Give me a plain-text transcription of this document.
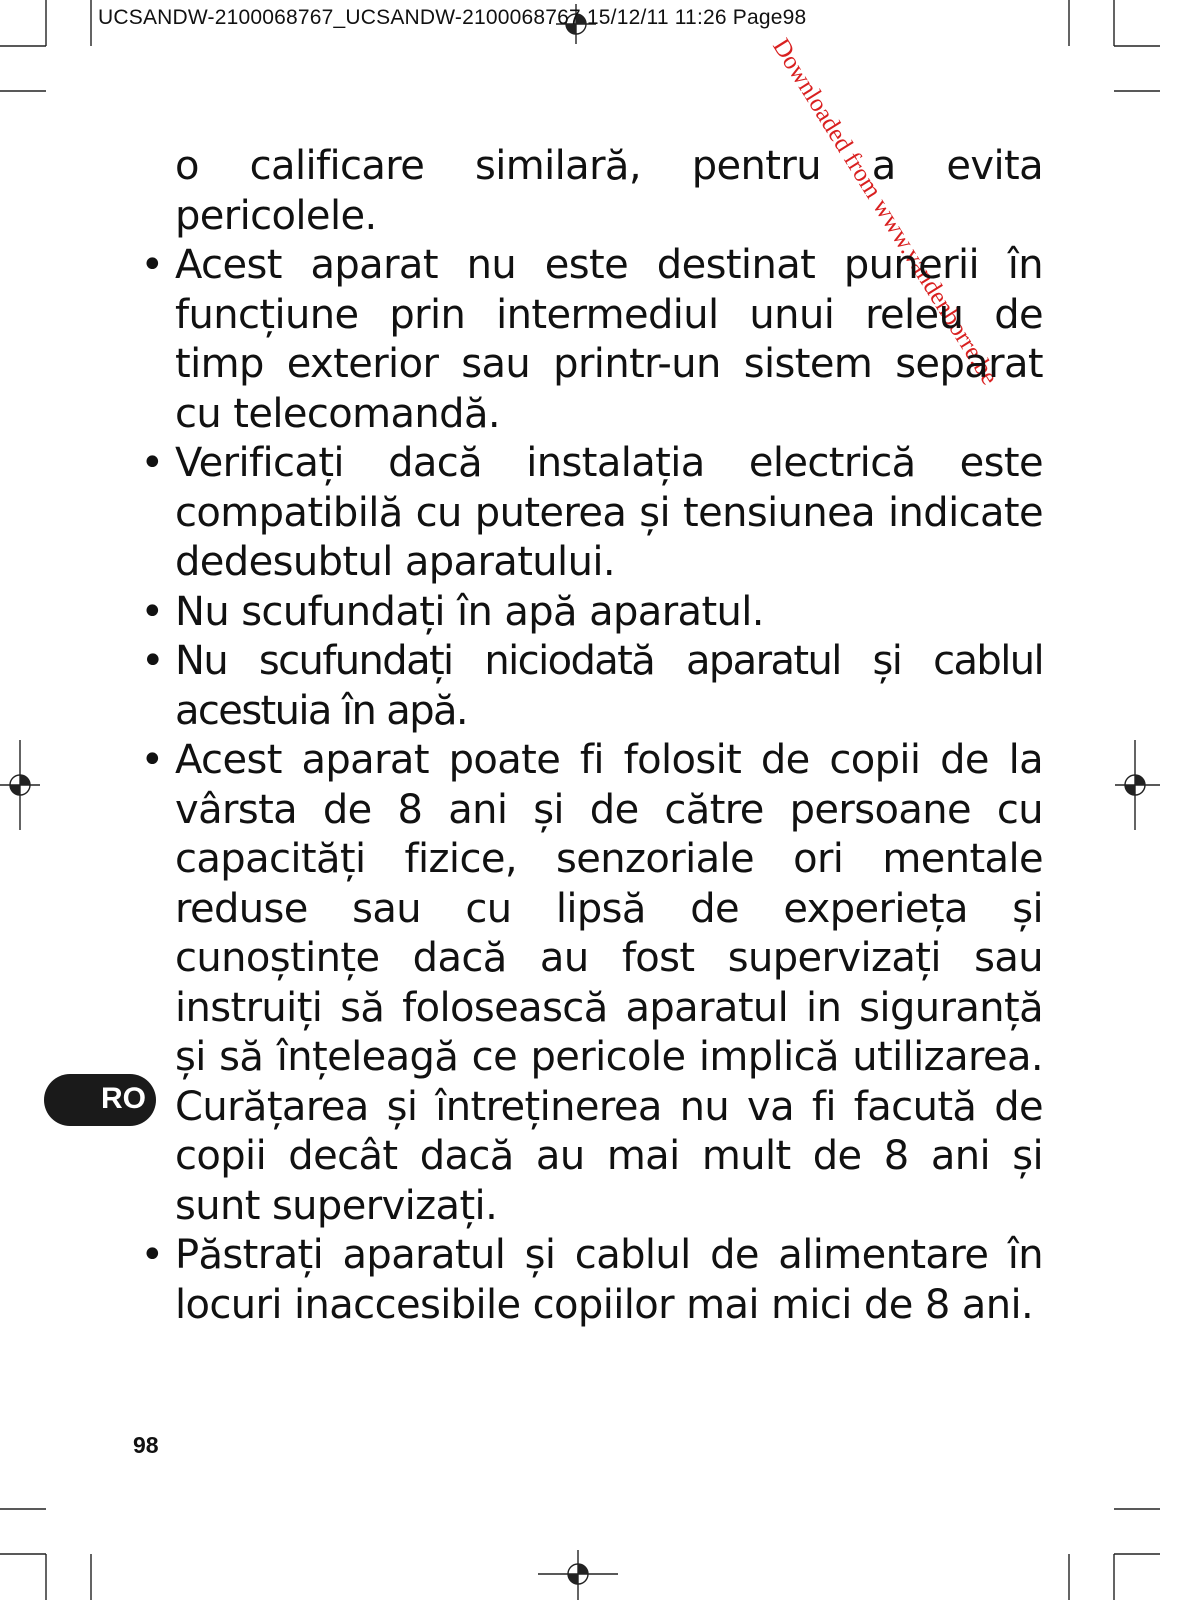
UCSANDW-2100068767_UCSANDW-2100068767 15/12/11 11:26 Page98
Downloaded from www.vandenborre.be

o calificare similară, pentru a evita pericolele.

• Acest aparat nu este destinat punerii în funcțiune prin intermediul unui releu de timp exterior sau printr-un sistem separat cu telecomandă.

• Verificați dacă instalația electrică este compatibilă cu puterea și tensiunea indicate dedesubtul aparatului.

• Nu scufundați în apă aparatul.

• Nu scufundați niciodată aparatul și cablul acestuia în apă.

• Acest aparat poate fi folosit de copii de la vârsta de 8 ani și de către persoane cu capacități fizice, senzoriale ori mentale reduse sau cu lipsă de experieța și cunoștințe dacă au fost supervizați sau instruiți să folosească aparatul in siguranță și să înțeleagă ce pericole implică utilizarea. Curățarea și întreținerea nu va fi facută de copii decât dacă au mai mult de 8 ani și sunt supervizați.

• Păstrați aparatul și cablul de alimentare în locuri inaccesibile copiilor mai mici de 8 ani.

RO
98
